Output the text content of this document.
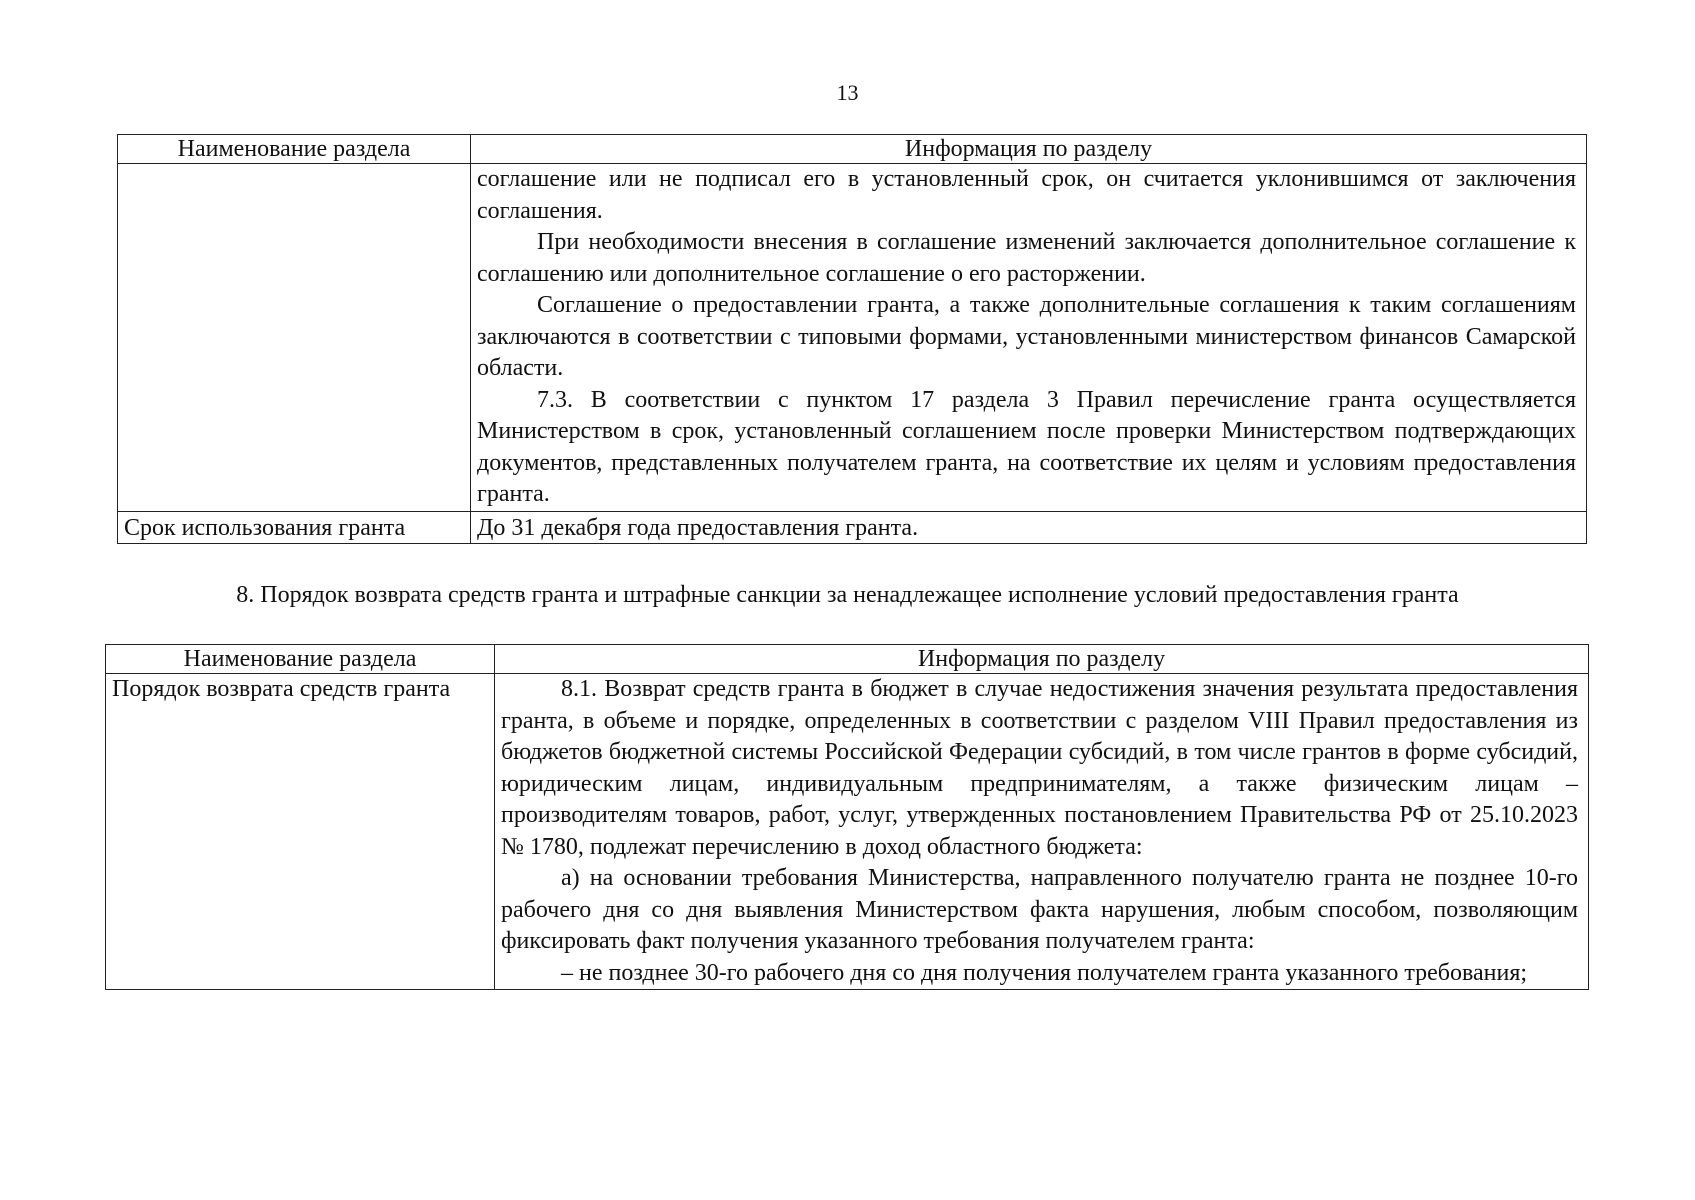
13
Наименование раздела	Информация по разделу

	соглашение или не подписал его в установленный срок, он считается уклонившимся от заключения соглашения.

При необходимости внесения в соглашение изменений заключается дополнительное соглашение к соглашению или дополнительное соглашение о его расторжении.

Соглашение о предоставлении гранта, а также дополнительные соглашения к таким соглашениям заключаются в соответствии с типовыми формами, установленными министерством финансов Самарской области.

7.3. В соответствии с пунктом 17 раздела 3 Правил перечисление гранта осуществляется Министерством в срок, установленный соглашением после проверки Министерством подтверждающих документов, представленных получателем гранта, на соответствие их целям и условиям предоставления гранта.

Срок использования гранта	До 31 декабря года предоставления гранта.
8. Порядок возврата средств гранта и штрафные санкции за ненадлежащее исполнение условий предоставления гранта
Наименование раздела	Информация по разделу
Порядок возврата средств гранта	8.1. Возврат средств гранта в бюджет в случае недостижения значения результата предоставления гранта, в объеме и порядке, определенных в соответствии с разделом VIII Правил предоставления из бюджетов бюджетной системы Российской Федерации субсидий, в том числе грантов в форме субсидий, юридическим лицам, индивидуальным предпринимателям, а также физическим лицам – производителям товаров, работ, услуг, утвержденных постановлением Правительства РФ от 25.10.2023 № 1780, подлежат перечислению в доход областного бюджета:

а) на основании требования Министерства, направленного получателю гранта не позднее 10-го рабочего дня со дня выявления Министерством факта нарушения, любым способом, позволяющим фиксировать факт получения указанного требования получателем гранта:

– не позднее 30-го рабочего дня со дня получения получателем гранта указанного требования;
